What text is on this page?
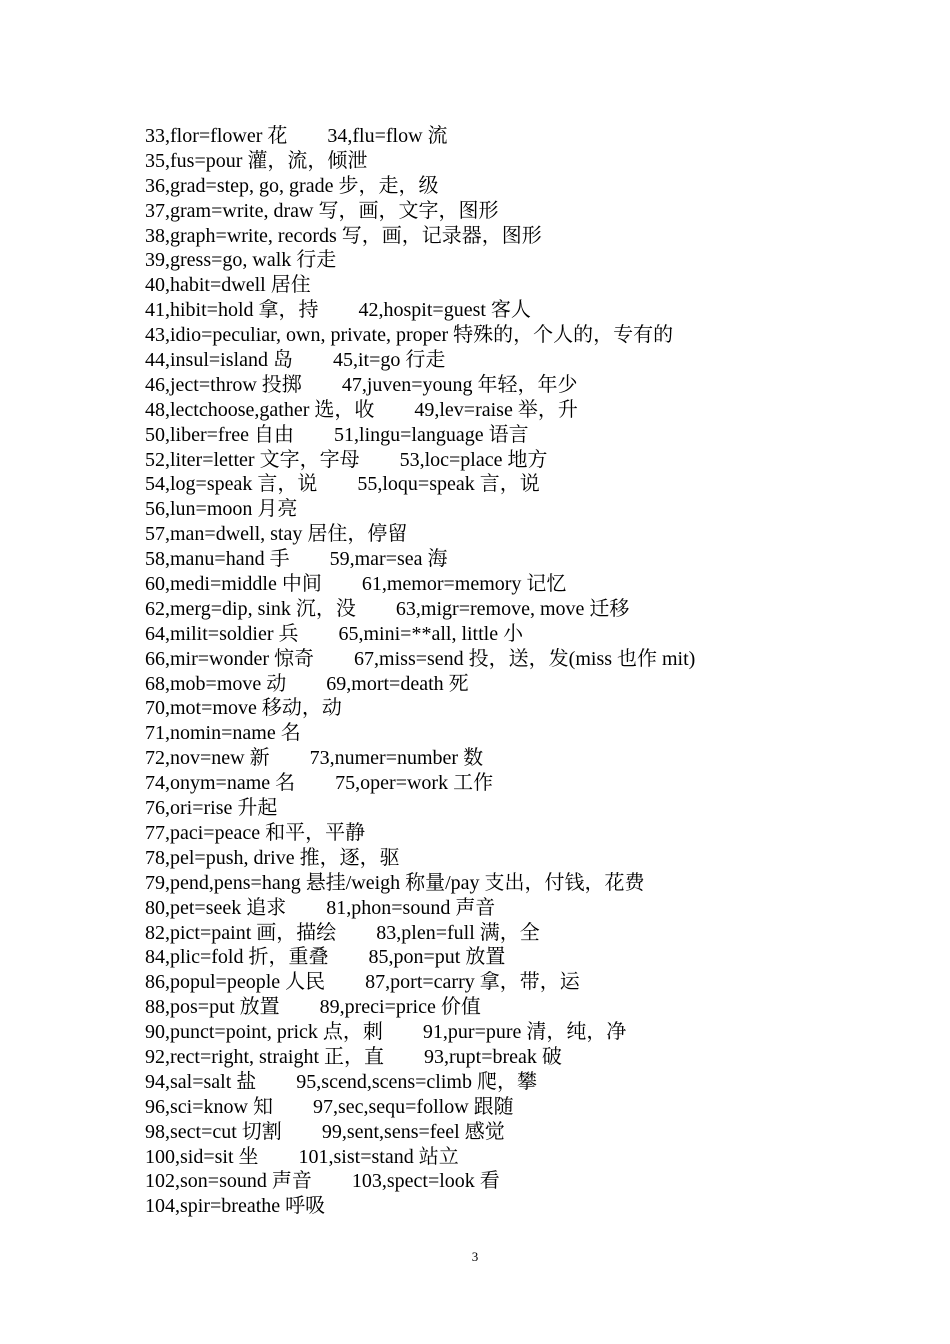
33,flor=flower 花 34,flu=flow 流
35,fus=pour 灌，流，倾泄
36,grad=step, go, grade 步，走，级
37,gram=write, draw 写，画，文字，图形
38,graph=write, records 写，画，记录器，图形
39,gress=go, walk 行走
40,habit=dwell 居住
41,hibit=hold 拿，持 42,hospit=guest 客人
43,idio=peculiar, own, private, proper 特殊的，个人的，专有的
44,insul=island 岛 45,it=go 行走
46,ject=throw 投掷 47,juven=young 年轻，年少
48,lectchoose,gather 选，收 49,lev=raise 举，升
50,liber=free 自由 51,lingu=language 语言
52,liter=letter 文字，字母 53,loc=place 地方
54,log=speak 言，说 55,loqu=speak 言，说
56,lun=moon 月亮
57,man=dwell, stay 居住，停留
58,manu=hand 手 59,mar=sea 海
60,medi=middle 中间 61,memor=memory 记忆
62,merg=dip, sink 沉，没 63,migr=remove, move 迁移
64,milit=soldier 兵 65,mini=**all, little 小
66,mir=wonder 惊奇 67,miss=send 投，送，发(miss 也作 mit)
68,mob=move 动 69,mort=death 死
70,mot=move 移动，动
71,nomin=name 名
72,nov=new 新 73,numer=number 数
74,onym=name 名 75,oper=work 工作
76,ori=rise 升起
77,paci=peace 和平，平静
78,pel=push, drive 推，逐，驱
79,pend,pens=hang 悬挂/weigh 称量/pay 支出，付钱，花费
80,pet=seek 追求 81,phon=sound 声音
82,pict=paint 画，描绘 83,plen=full 满，全
84,plic=fold 折，重叠 85,pon=put 放置
86,popul=people 人民 87,port=carry 拿，带，运
88,pos=put 放置 89,preci=price 价值
90,punct=point, prick 点，刺 91,pur=pure 清，纯，净
92,rect=right, straight 正，直 93,rupt=break 破
94,sal=salt 盐 95,scend,scens=climb 爬，攀
96,sci=know 知 97,sec,sequ=follow 跟随
98,sect=cut 切割 99,sent,sens=feel 感觉
100,sid=sit 坐 101,sist=stand 站立
102,son=sound 声音 103,spect=look 看
104,spir=breathe 呼吸
3
